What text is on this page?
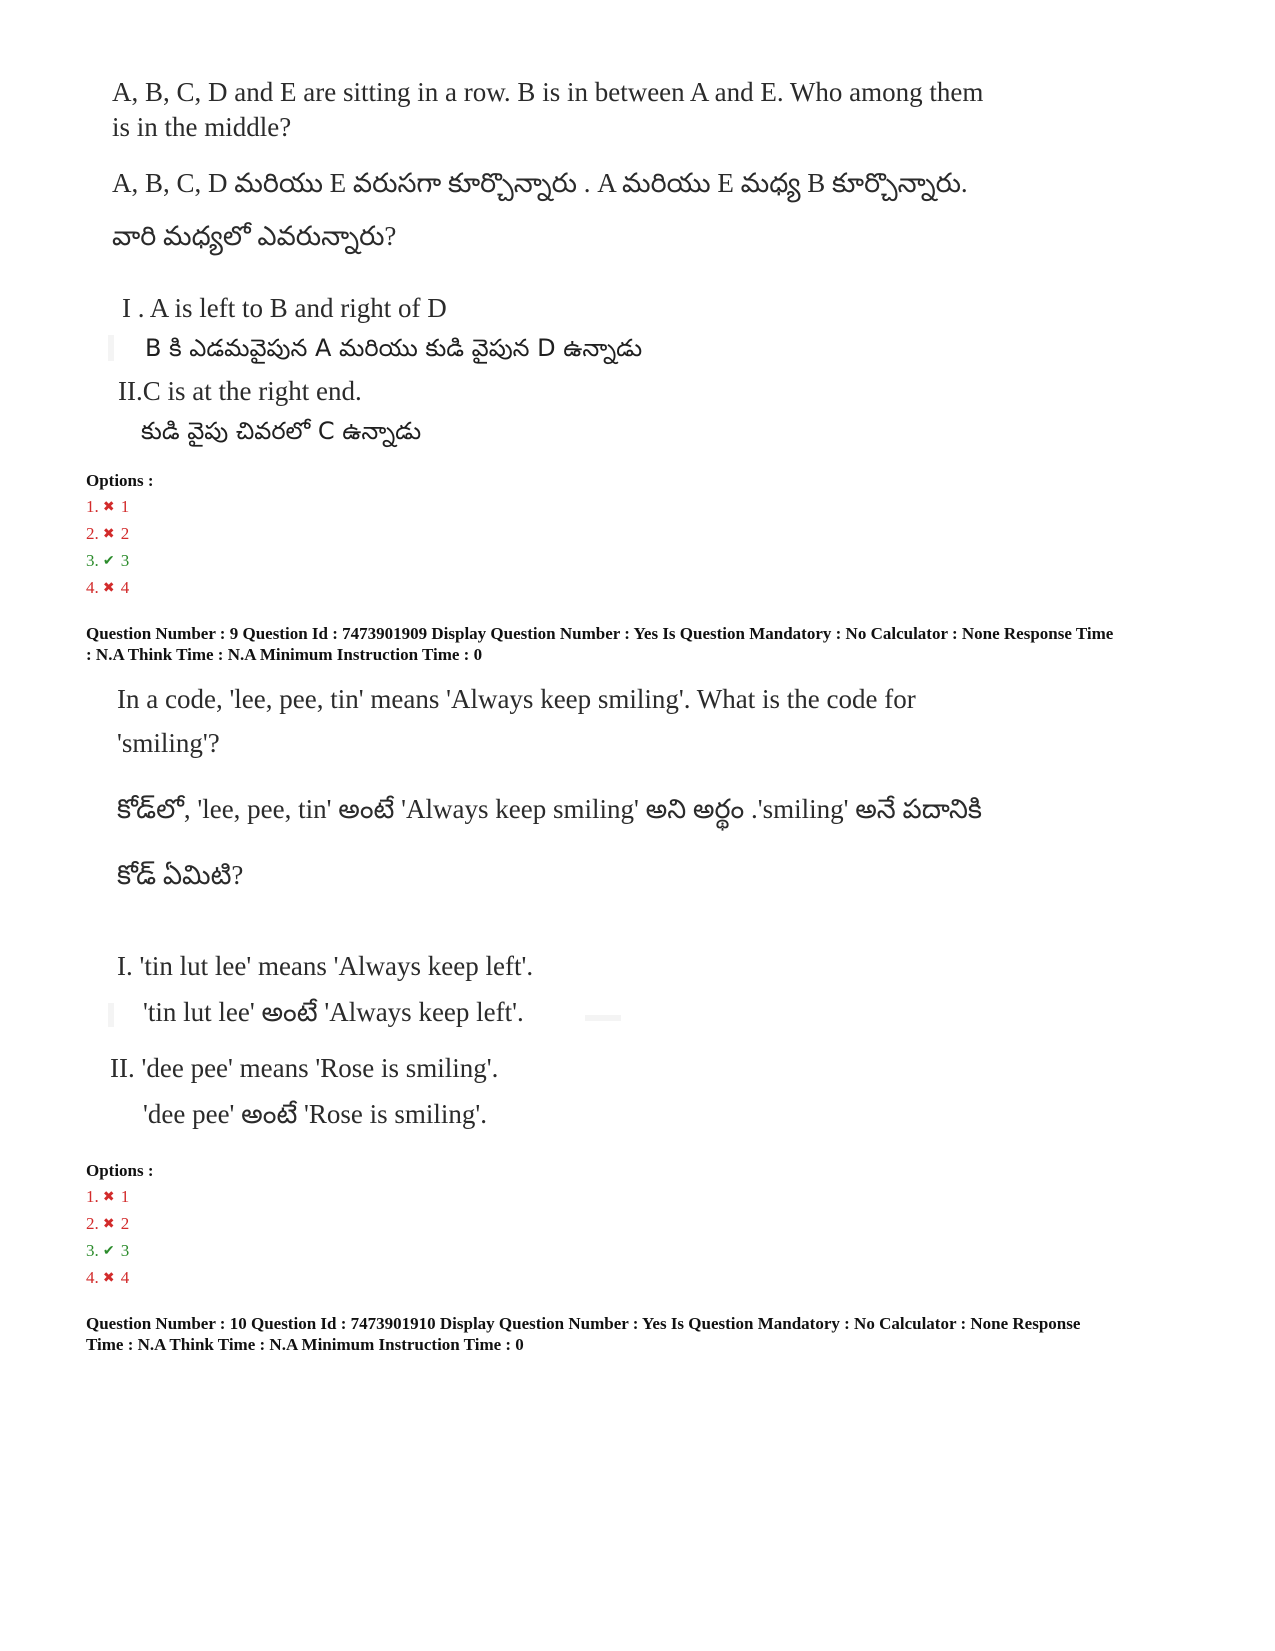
A, B, C, D and E are sitting in a row. B is in between A and E. Who among them
is in the middle?
A, B, C, D మరియు E వరుసగా కూర్చొన్నారు . A మరియు E మధ్య B కూర్చొన్నారు.
వారి మధ్యలో ఎవరున్నారు?
I . A is left to B and right of D
B కి ఎడమవైపున A మరియు కుడి వైపున D ఉన్నాడు
II.C is at the right end.
కుడి వైపు చివరలో C ఉన్నాడు
Options :
1. ✖ 1
2. ✖ 2
3. ✔ 3
4. ✖ 4
Question Number : 9 Question Id : 7473901909 Display Question Number : Yes Is Question Mandatory : No Calculator : None Response Time
: N.A Think Time : N.A Minimum Instruction Time : 0
In a code, 'lee, pee, tin' means 'Always keep smiling'. What is the code for
'smiling'?
కోడ్‌లో, 'lee, pee, tin' అంటే 'Always keep smiling' అని అర్థం .'smiling' అనే పదానికి
కోడ్ ఏమిటి?
I. 'tin lut lee' means 'Always keep left'.
'tin lut lee' అంటే 'Always keep left'.
II. 'dee pee' means 'Rose is smiling'.
'dee pee' అంటే 'Rose is smiling'.
Options :
1. ✖ 1
2. ✖ 2
3. ✔ 3
4. ✖ 4
Question Number : 10 Question Id : 7473901910 Display Question Number : Yes Is Question Mandatory : No Calculator : None Response
Time : N.A Think Time : N.A Minimum Instruction Time : 0
